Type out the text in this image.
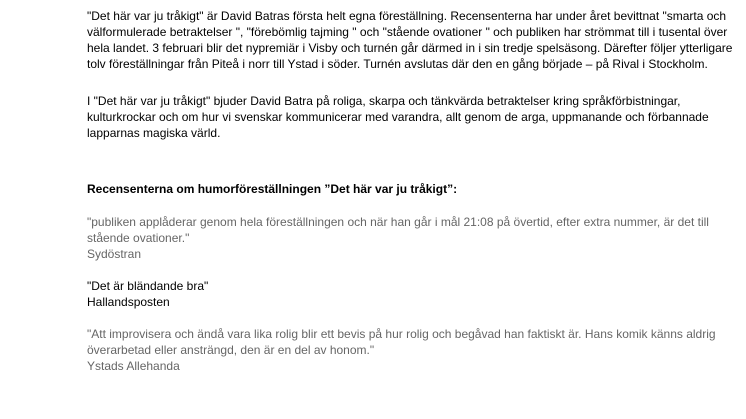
"Det här var ju tråkigt" är David Batras första helt egna föreställning. Recensenterna har under året bevittnat "smarta och välformulerade betraktelser ", "förebömlig tajming " och "stående ovationer " och publiken har strömmat till i tusental över hela landet. 3 februari blir det nypremiär i Visby och turnén går därmed in i sin tredje spelsäsong. Därefter följer ytterligare tolv föreställningar från Piteå i norr till Ystad i söder. Turnén avslutas där den en gång började – på Rival i Stockholm.

I "Det här var ju tråkigt" bjuder David Batra på roliga, skarpa och tänkvärda betraktelser kring språkförbistningar, kulturkrockar och om hur vi svenskar kommunicerar med varandra, allt genom de arga, uppmanande och förbannade lapparnas magiska värld.

Recensenterna om humorföreställningen ”Det här var ju tråkigt”:

"publiken applåderar genom hela föreställningen och när han går i mål 21:08 på övertid, efter extra nummer, är det till stående ovationer."

Sydöstran

"Det är bländande bra"

Hallandsposten

"Att improvisera och ändå vara lika rolig blir ett bevis på hur rolig och begåvad han faktiskt är. Hans komik känns aldrig överarbetad eller ansträngd, den är en del av honom."

Ystads Allehanda
